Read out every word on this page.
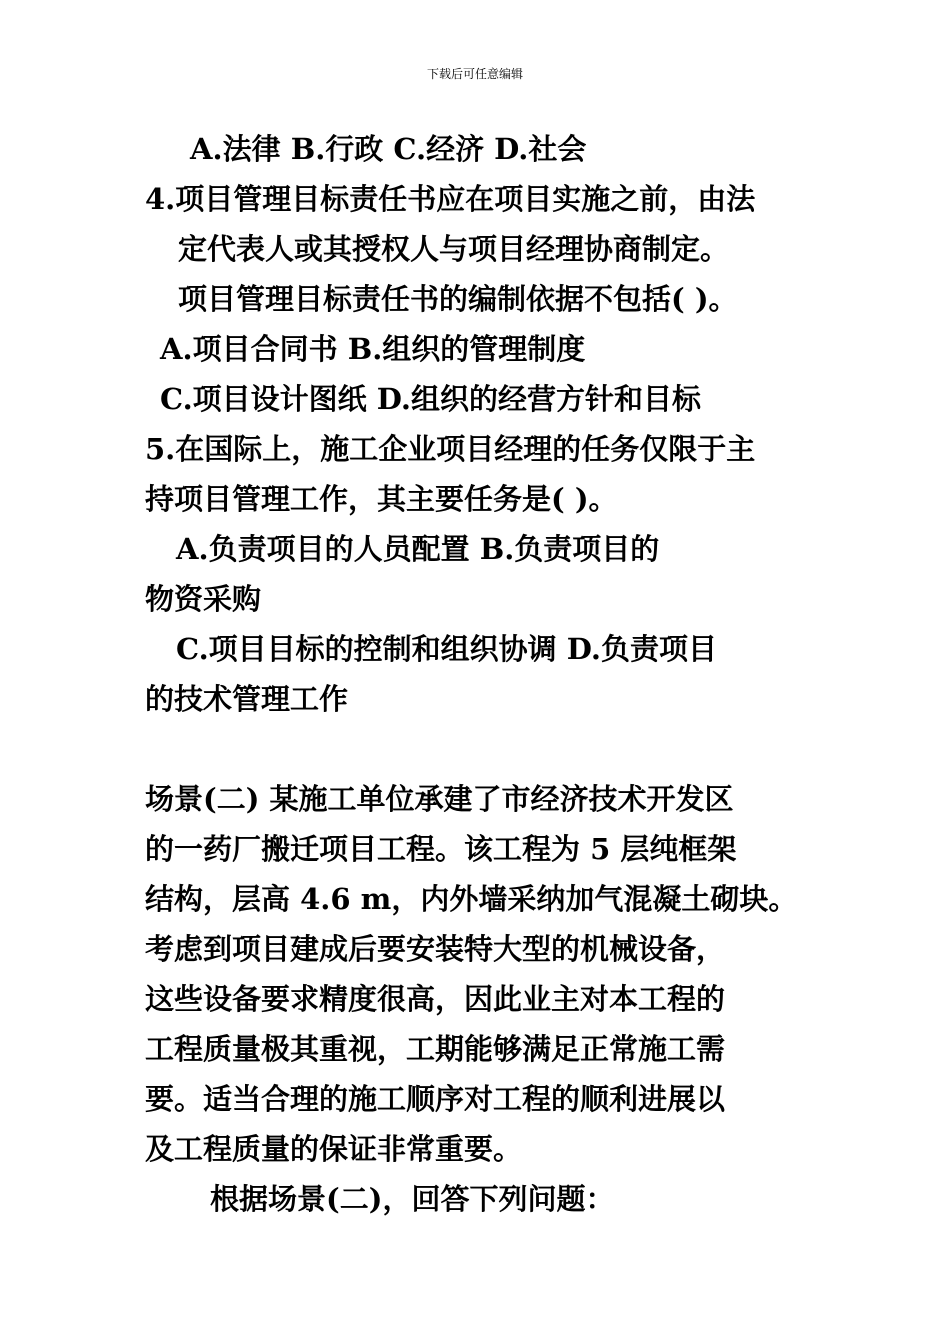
下载后可任意编辑
A.法律 B.行政 C.经济 D.社会
4.项目管理目标责任书应在项目实施之前，由法
定代表人或其授权人与项目经理协商制定。
项目管理目标责任书的编制依据不包括( )。
A.项目合同书 B.组织的管理制度
C.项目设计图纸 D.组织的经营方针和目标
5.在国际上，施工企业项目经理的任务仅限于主
持项目管理工作，其主要任务是( )。
A.负责项目的人员配置 B.负责项目的
物资采购
C.项目目标的控制和组织协调 D.负责项目
的技术管理工作
场景(二) 某施工单位承建了市经济技术开发区
的一药厂搬迁项目工程。该工程为 5 层纯框架
结构，层高 4.6 m，内外墙采纳加气混凝土砌块。
考虑到项目建成后要安装特大型的机械设备，
这些设备要求精度很高，因此业主对本工程的
工程质量极其重视，工期能够满足正常施工需
要。适当合理的施工顺序对工程的顺利进展以
及工程质量的保证非常重要。
根据场景(二)，回答下列问题：
